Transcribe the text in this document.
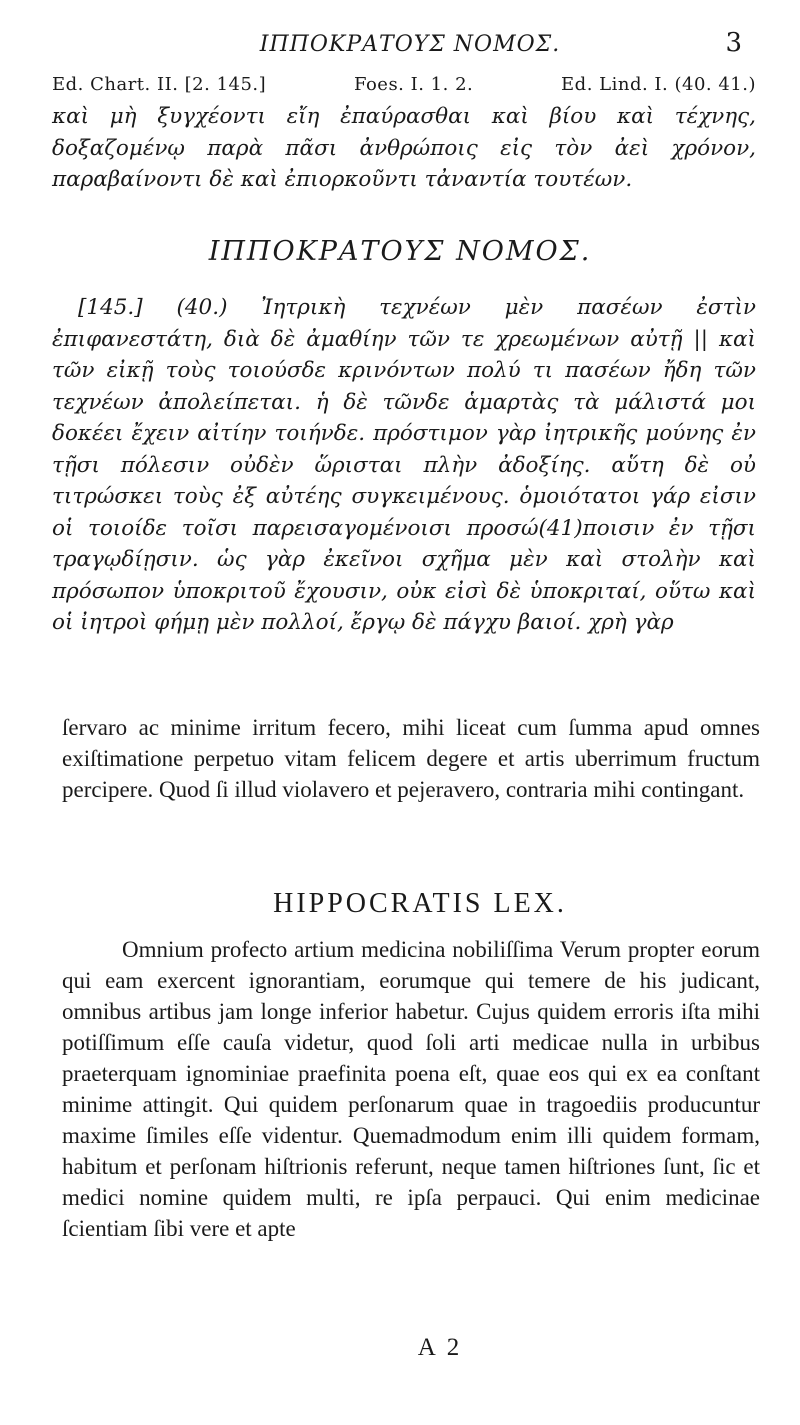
ΙΠΠΟΚΡΑΤΟΥΣ ΝΟΜΟΣ.	3
Ed. Chart. II. [2. 145.]	Foes. I. 1. 2.	Ed. Lind. I. (40. 41.)

καὶ μὴ ξυγχέοντι εἴη ἐπαύρασθαι καὶ βίου καὶ τέχνης, δοξαζομένῳ παρὰ πᾶσι ἀνθρώποις εἰς τὸν ἀεὶ χρόνον, παραβαίνοντι δὲ καὶ ἐπιορκοῦντι τἀναντία τουτέων.

ΙΠΠΟΚΡΑΤΟΥΣ ΝΟΜΟΣ.

[145.] (40.) Ἰητρικὴ τεχνέων μὲν πασέων ἐστὶν ἐπιφανεστάτη, διὰ δὲ ἀμαθίην τῶν τε χρεωμένων αὐτῇ || καὶ τῶν εἰκῇ τοὺς τοιούσδε κρινόντων πολύ τι πασέων ἤδη τῶν τεχνέων ἀπολείπεται. ἡ δὲ τῶνδε ἁμαρτὰς τὰ μάλιστά μοι δοκέει ἔχειν αἰτίην τοιήνδε. πρόστιμον γὰρ ἰητρικῆς μούνης ἐν τῇσι πόλεσιν οὐδὲν ὥρισται πλὴν ἀδοξίης. αὕτη δὲ οὐ τιτρώσκει τοὺς ἐξ αὐτέης συγκειμένους. ὁμοιότατοι γάρ εἰσιν οἱ τοιοίδε τοῖσι παρεισαγομένοισι προσώ(41)ποισιν ἐν τῇσι τραγῳδίῃσιν. ὡς γὰρ ἐκεῖνοι σχῆμα μὲν καὶ στολὴν καὶ πρόσωπον ὑποκριτοῦ ἔχουσιν, οὐκ εἰσὶ δὲ ὑποκριταί, οὕτω καὶ οἱ ἰητροὶ φήμῃ μὲν πολλοί, ἔργῳ δὲ πάγχυ βαιοί. χρὴ γὰρ

ſervaro ac minime irritum fecero, mihi liceat cum ſumma apud omnes exiſtimatione perpetuo vitam felicem degere et artis uberrimum fructum percipere. Quod ſi illud violavero et pejeravero, contraria mihi contingant.

HIPPOCRATIS LEX.

Omnium profecto artium medicina nobiliſſima Verum propter eorum qui eam exercent ignorantiam, eorumque qui temere de his judicant, omnibus artibus jam longe inferior habetur. Cujus quidem erroris iſta mihi potiſſimum eſſe cauſa videtur, quod ſoli arti medicae nulla in urbibus praeterquam ignominiae praefinita poena eſt, quae eos qui ex ea conſtant minime attingit. Qui quidem perſonarum quae in tragoediis producuntur maxime ſimiles eſſe videntur. Quemadmodum enim illi quidem formam, habitum et perſonam hiſtrionis referunt, neque tamen hiſtriones ſunt, ſic et medici nomine quidem multi, re ipſa perpauci. Qui enim medicinae ſcientiam ſibi vere et apte

A 2
